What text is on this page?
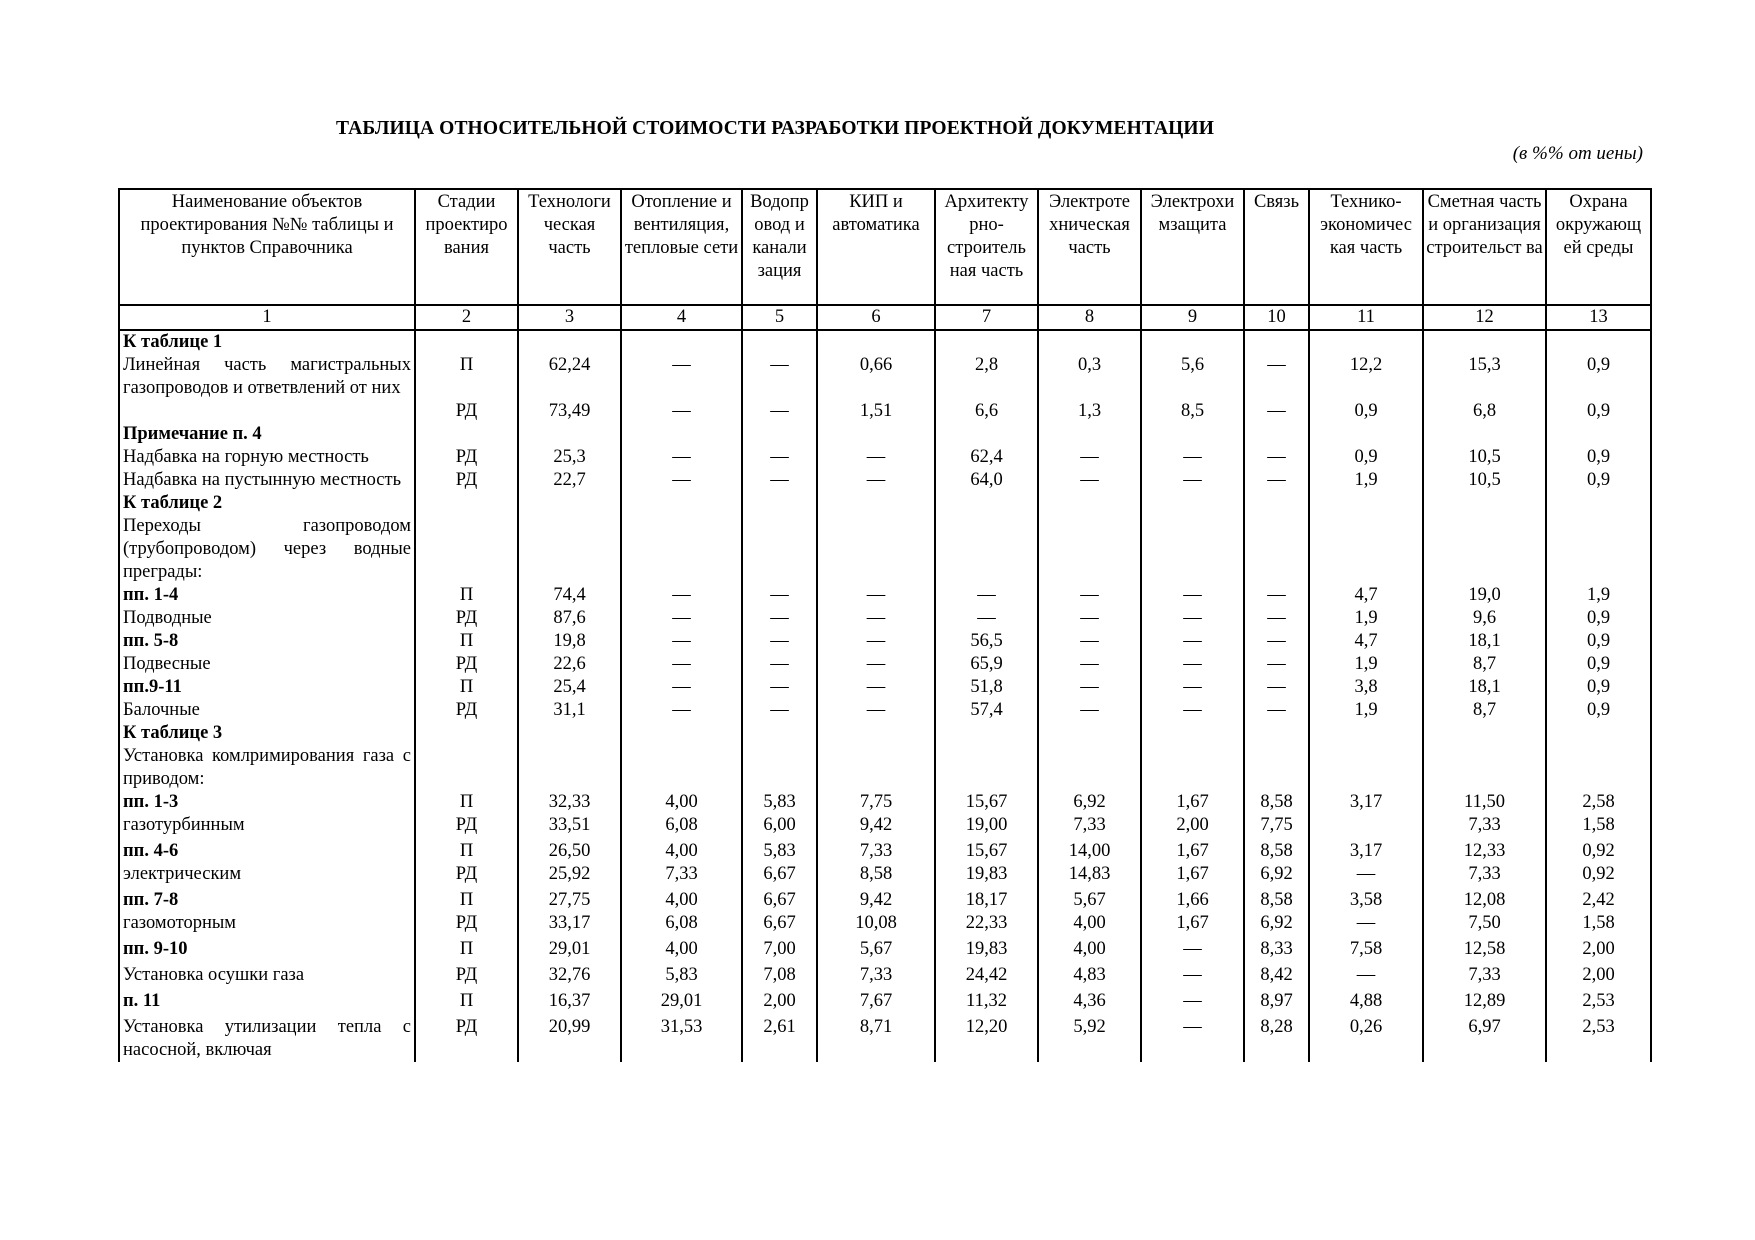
ТАБЛИЦА ОТНОСИТЕЛЬНОЙ СТОИМОСТИ РАЗРАБОТКИ ПРОЕКТНОЙ ДОКУМЕНТАЦИИ
(в %% от иены)
Наименование объектов проектирования №№ таблицы и пунктов Справочника	Стадии проектиро вания	Технологи ческая часть	Отопление и вентиляция, тепловые сети	Водопр овод и канали зация	КИП и автоматика	Архитекту рно- строитель ная часть	Электроте хническая часть	Электрохи мзащита	Связь	Технико- экономичес кая часть	Сметная часть и организация строительст ва	Охрана окружающ ей среды
1	2	3	4	5	6	7	8	9	10	11	12	13
К таблице 1												
Линейная часть магистральных газопроводов и ответвлений от них	П	62,24	—	—	0,66	2,8	0,3	5,6	—	12,2	15,3	0,9
	РД	73,49	—	—	1,51	6,6	1,3	8,5	—	0,9	6,8	0,9
Примечание п. 4												
Надбавка на горную местность	РД	25,3	—	—	—	62,4	—	—	—	0,9	10,5	0,9
Надбавка на пустынную местность	РД	22,7	—	—	—	64,0	—	—	—	1,9	10,5	0,9
К таблице 2												
Переходы газопроводом (трубопроводом) через водные преграды:												
пп. 1-4	П	74,4	—	—	—	—	—	—	—	4,7	19,0	1,9
Подводные	РД	87,6	—	—	—	—	—	—	—	1,9	9,6	0,9
пп. 5-8	П	19,8	—	—	—	56,5	—	—	—	4,7	18,1	0,9
Подвесные	РД	22,6	—	—	—	65,9	—	—	—	1,9	8,7	0,9
пп.9-11	П	25,4	—	—	—	51,8	—	—	—	3,8	18,1	0,9
Балочные	РД	31,1	—	—	—	57,4	—	—	—	1,9	8,7	0,9
К таблице 3												
Установка комлримирования газа с приводом:												
пп. 1-3	П	32,33	4,00	5,83	7,75	15,67	6,92	1,67	8,58	3,17	11,50	2,58
газотурбинным	РД	33,51	6,08	6,00	9,42	19,00	7,33	2,00	7,75		7,33	1,58
пп. 4-6	П	26,50	4,00	5,83	7,33	15,67	14,00	1,67	8,58	3,17	12,33	0,92
электрическим	РД	25,92	7,33	6,67	8,58	19,83	14,83	1,67	6,92	—	7,33	0,92
пп. 7-8	П	27,75	4,00	6,67	9,42	18,17	5,67	1,66	8,58	3,58	12,08	2,42
газомоторным	РД	33,17	6,08	6,67	10,08	22,33	4,00	1,67	6,92	—	7,50	1,58
пп. 9-10	П	29,01	4,00	7,00	5,67	19,83	4,00	—	8,33	7,58	12,58	2,00
Установка осушки газа	РД	32,76	5,83	7,08	7,33	24,42	4,83	—	8,42	—	7,33	2,00
п. 11	П	16,37	29,01	2,00	7,67	11,32	4,36	—	8,97	4,88	12,89	2,53
Установка утилизации тепла с насосной, включая	РД	20,99	31,53	2,61	8,71	12,20	5,92	—	8,28	0,26	6,97	2,53
